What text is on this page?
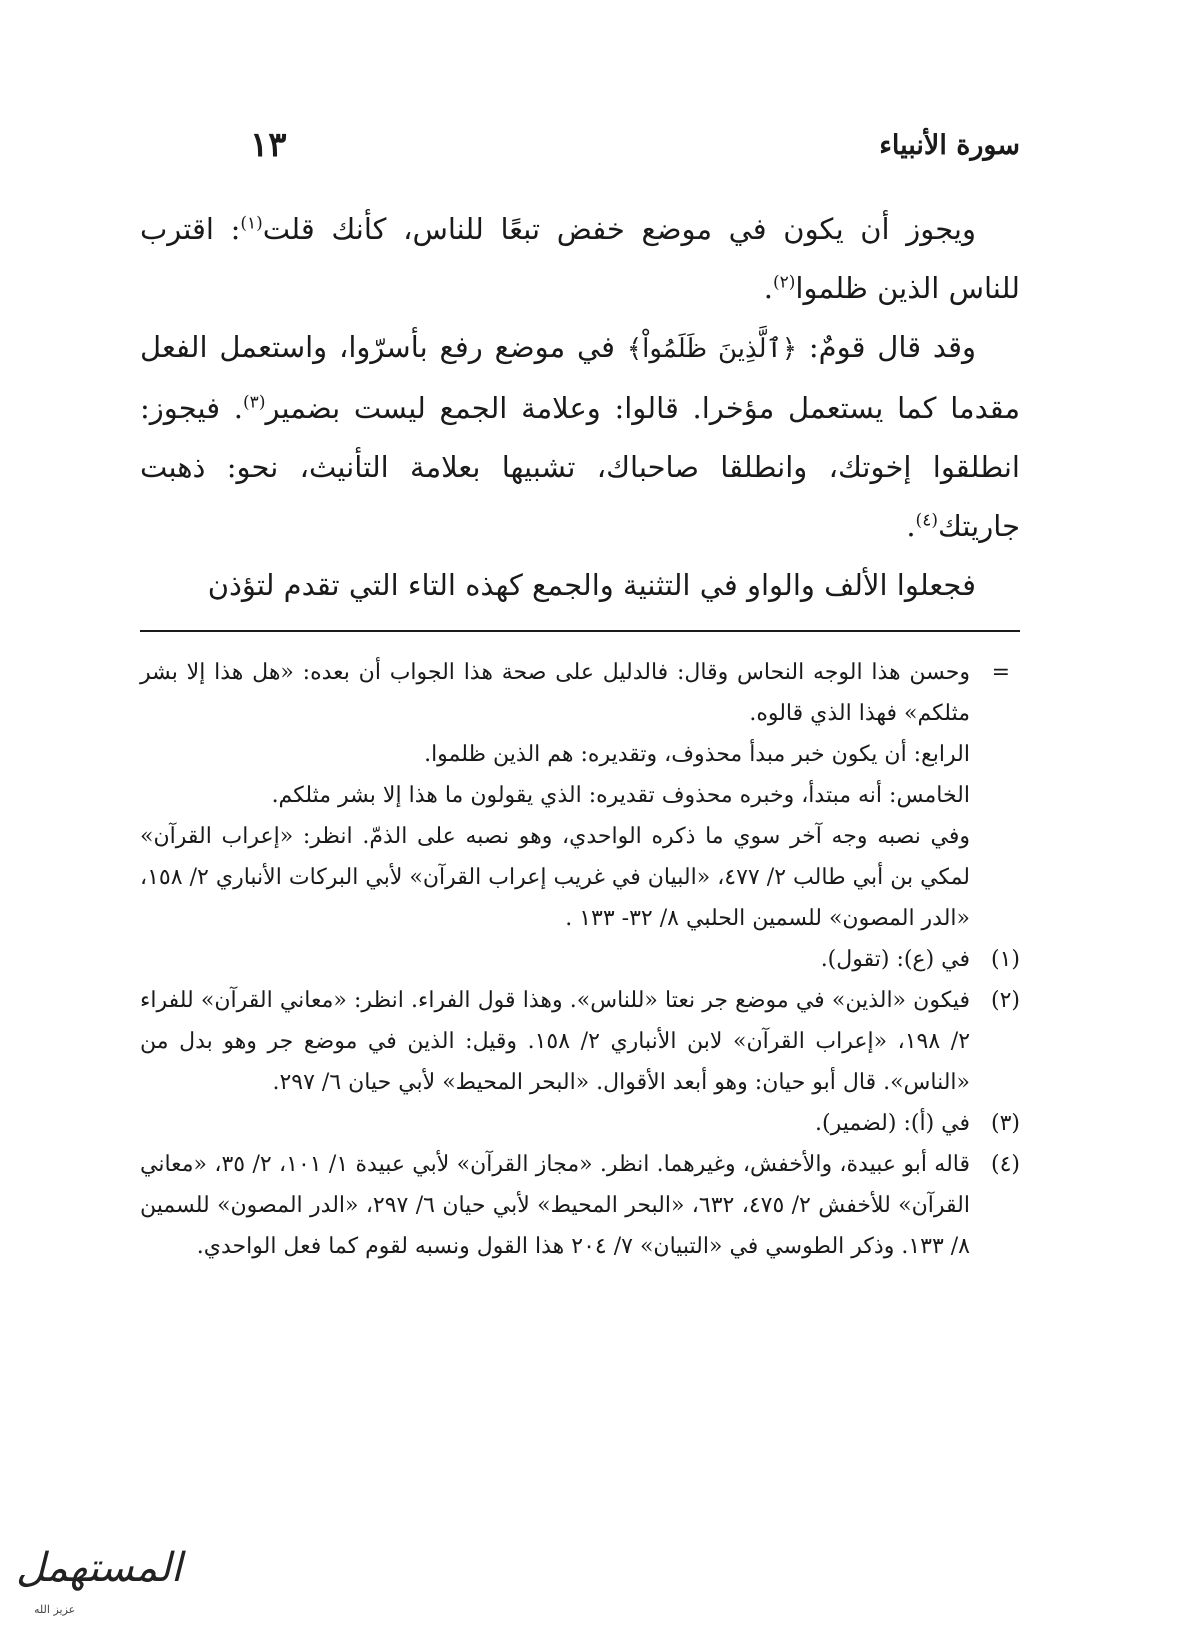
سورة الأنبياء
١٣

ويجوز أن يكون في موضع خفض تبعًا للناس، كأنك قلت$^{(١)}$: اقترب للناس الذين ظلموا$^{(٢)}$.

وقد قال قومٌ: ﴿ٱلَّذِينَ ظَلَمُواْ﴾ في موضع رفع بأسرّوا، واستعمل الفعل مقدما كما يستعمل مؤخرا. قالوا: وعلامة الجمع ليست بضمير$^{(٣)}$. فيجوز: انطلقوا إخوتك، وانطلقا صاحباك، تشبيها بعلامة التأنيث، نحو: ذهبت جاريتك$^{(٤)}$.

فجعلوا الألف والواو في التثنية والجمع كهذه التاء التي تقدم لتؤذن

=
وحسن هذا الوجه النحاس وقال: فالدليل على صحة هذا الجواب أن بعده: «هل هذا إلا بشر مثلكم» فهذا الذي قالوه.

الرابع: أن يكون خبر مبدأ محذوف، وتقديره: هم الذين ظلموا.

الخامس: أنه مبتدأ، وخبره محذوف تقديره: الذي يقولون ما هذا إلا بشر مثلكم.

وفي نصبه وجه آخر سوي ما ذكره الواحدي، وهو نصبه على الذمّ. انظر: «إعراب القرآن» لمكي بن أبي طالب ٢/ ٤٧٧، «البيان في غريب إعراب القرآن» لأبي البركات الأنباري ٢/ ١٥٨، «الدر المصون» للسمين الحلبي ٨/ ٣٢- ١٣٣ .

(١)
في (ع): (تقول).
(٢)
فيكون «الذين» في موضع جر نعتا «للناس». وهذا قول الفراء. انظر: «معاني القرآن» للفراء ٢/ ١٩٨، «إعراب القرآن» لابن الأنباري ٢/ ١٥٨. وقيل: الذين في موضع جر وهو بدل من «الناس». قال أبو حيان: وهو أبعد الأقوال. «البحر المحيط» لأبي حيان ٦/ ٢٩٧.
(٣)
في (أ): (لضمير).
(٤)
قاله أبو عبيدة، والأخفش، وغيرهما. انظر. «مجاز القرآن» لأبي عبيدة ١/ ١٠١، ٢/ ٣٥، «معاني القرآن» للأخفش ٢/ ٤٧٥، ٦٣٢، «البحر المحيط» لأبي حيان ٦/ ٢٩٧، «الدر المصون» للسمين ٨/ ١٣٣. وذكر الطوسي في «التبيان» ٧/ ٢٠٤ هذا القول ونسبه لقوم كما فعل الواحدي.
المستهمل
عزيز الله
